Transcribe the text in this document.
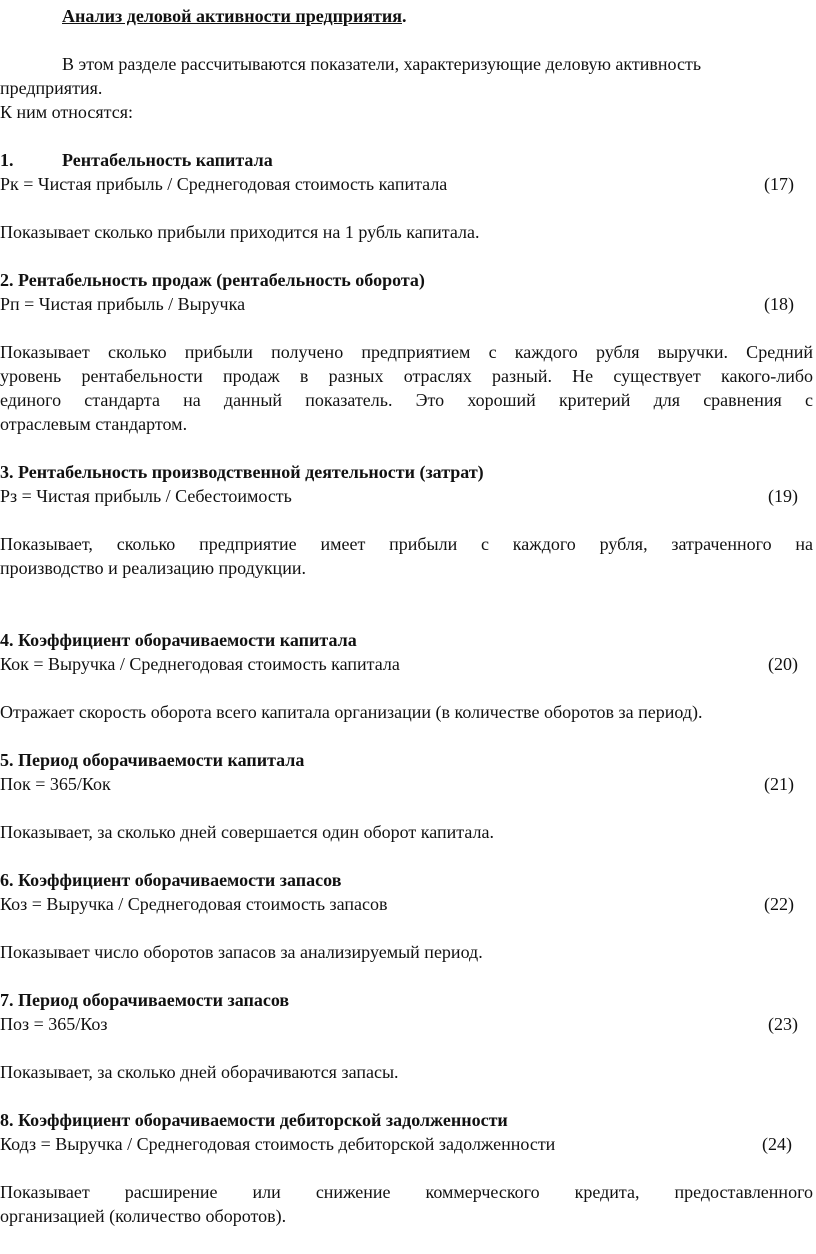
Анализ деловой активности предприятия.
В этом разделе рассчитываются показатели, характеризующие деловую активность
предприятия.
К ним относятся:
1.	Рентабельность капитала
Рк = Чистая прибыль / Среднегодовая стоимость капитала	(17)
Показывает сколько прибыли приходится на 1 рубль капитала.
2. Рентабельность продаж (рентабельность оборота)
Рп = Чистая прибыль / Выручка	(18)
Показывает сколько прибыли получено предприятием с каждого рубля выручки. Средний
уровень рентабельности продаж в разных отраслях разный. Не существует какого-либо
единого стандарта на данный показатель. Это хороший критерий для сравнения с
отраслевым стандартом.
3. Рентабельность производственной деятельности (затрат)
Рз = Чистая прибыль / Себестоимость	(19)
Показывает, сколько предприятие имеет прибыли с каждого рубля, затраченного на
производство и реализацию продукции.
4. Коэффициент оборачиваемости капитала
Кок = Выручка / Среднегодовая стоимость капитала	(20)
Отражает скорость оборота всего капитала организации (в количестве оборотов за период).
5. Период оборачиваемости капитала
Пок = 365/Кок	(21)
Показывает, за сколько дней совершается один оборот капитала.
6. Коэффициент оборачиваемости запасов
Коз = Выручка / Среднегодовая стоимость запасов	(22)
Показывает число оборотов запасов за анализируемый период.
7. Период оборачиваемости запасов
Поз = 365/Коз	(23)
Показывает, за сколько дней оборачиваются запасы.
8. Коэффициент оборачиваемости дебиторской задолженности
Кодз = Выручка / Среднегодовая стоимость дебиторской задолженности	(24)
Показывает расширение или снижение коммерческого кредита, предоставленного
организацией (количество оборотов).
